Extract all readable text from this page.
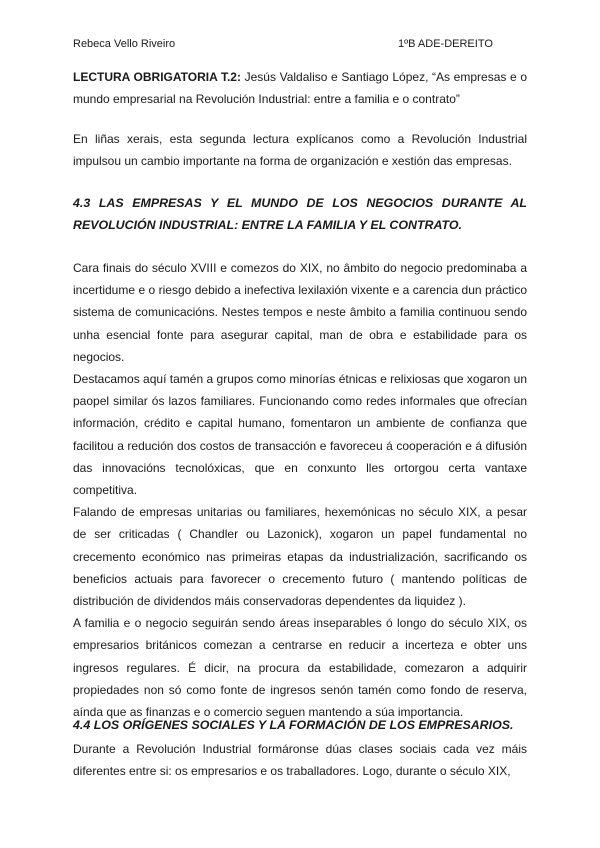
Rebeca Vello Riveiro	1ºB ADE-DEREITO
LECTURA OBRIGATORIA T.2: Jesús Valdaliso e Santiago López, “As empresas e o mundo empresarial na Revolución Industrial: entre a familia e o contrato”
En liñas xerais, esta segunda lectura explícanos como a Revolución Industrial impulsou un cambio importante na forma de organización e xestión das empresas.
4.3 LAS EMPRESAS Y EL MUNDO DE LOS NEGOCIOS DURANTE AL REVOLUCIÓN INDUSTRIAL: ENTRE LA FAMILIA Y EL CONTRATO.
Cara finais do século XVIII e comezos do XIX, no âmbito do negocio predominaba a incertidume e o riesgo debido a inefectiva lexilaxión vixente e a carencia dun práctico sistema de comunicacións. Nestes tempos e neste âmbito a familia continuou sendo unha esencial fonte para asegurar capital, man de obra e estabilidade para os negocios.
Destacamos aquí tamén a grupos como minorías étnicas e relixiosas que xogaron un paopel similar ós lazos familiares. Funcionando como redes informales que ofrecían información, crédito e capital humano, fomentaron un ambiente de confianza que facilitou a redución dos costos de transacción e favoreceu á cooperación e á difusión das innovacións tecnolóxicas, que en conxunto lles ortorgou certa vantaxe competitiva.
Falando de empresas unitarias ou familiares, hexemónicas no século XIX, a pesar de ser criticadas ( Chandler ou Lazonick), xogaron un papel fundamental no crecemento económico nas primeiras etapas da industrialización, sacrificando os beneficios actuais para favorecer o crecemento futuro ( mantendo políticas de distribución de dividendos máis conservadoras dependentes da liquidez ).
A familia e o negocio seguirán sendo áreas inseparables ó longo do século XIX, os empresarios británicos comezan a centrarse en reducir a incerteza e obter uns ingresos regulares. É dicir, na procura da estabilidade, comezaron a adquirir propiedades non só como fonte de ingresos senón tamén como fondo de reserva, aínda que as finanzas e o comercio seguen mantendo a súa importancia.
4.4 LOS ORÍGENES SOCIALES Y LA FORMACIÓN DE LOS EMPRESARIOS.
Durante a Revolución Industrial formáronse dúas clases sociais cada vez máis diferentes entre si: os empresarios e os traballadores. Logo, durante o século XIX,
